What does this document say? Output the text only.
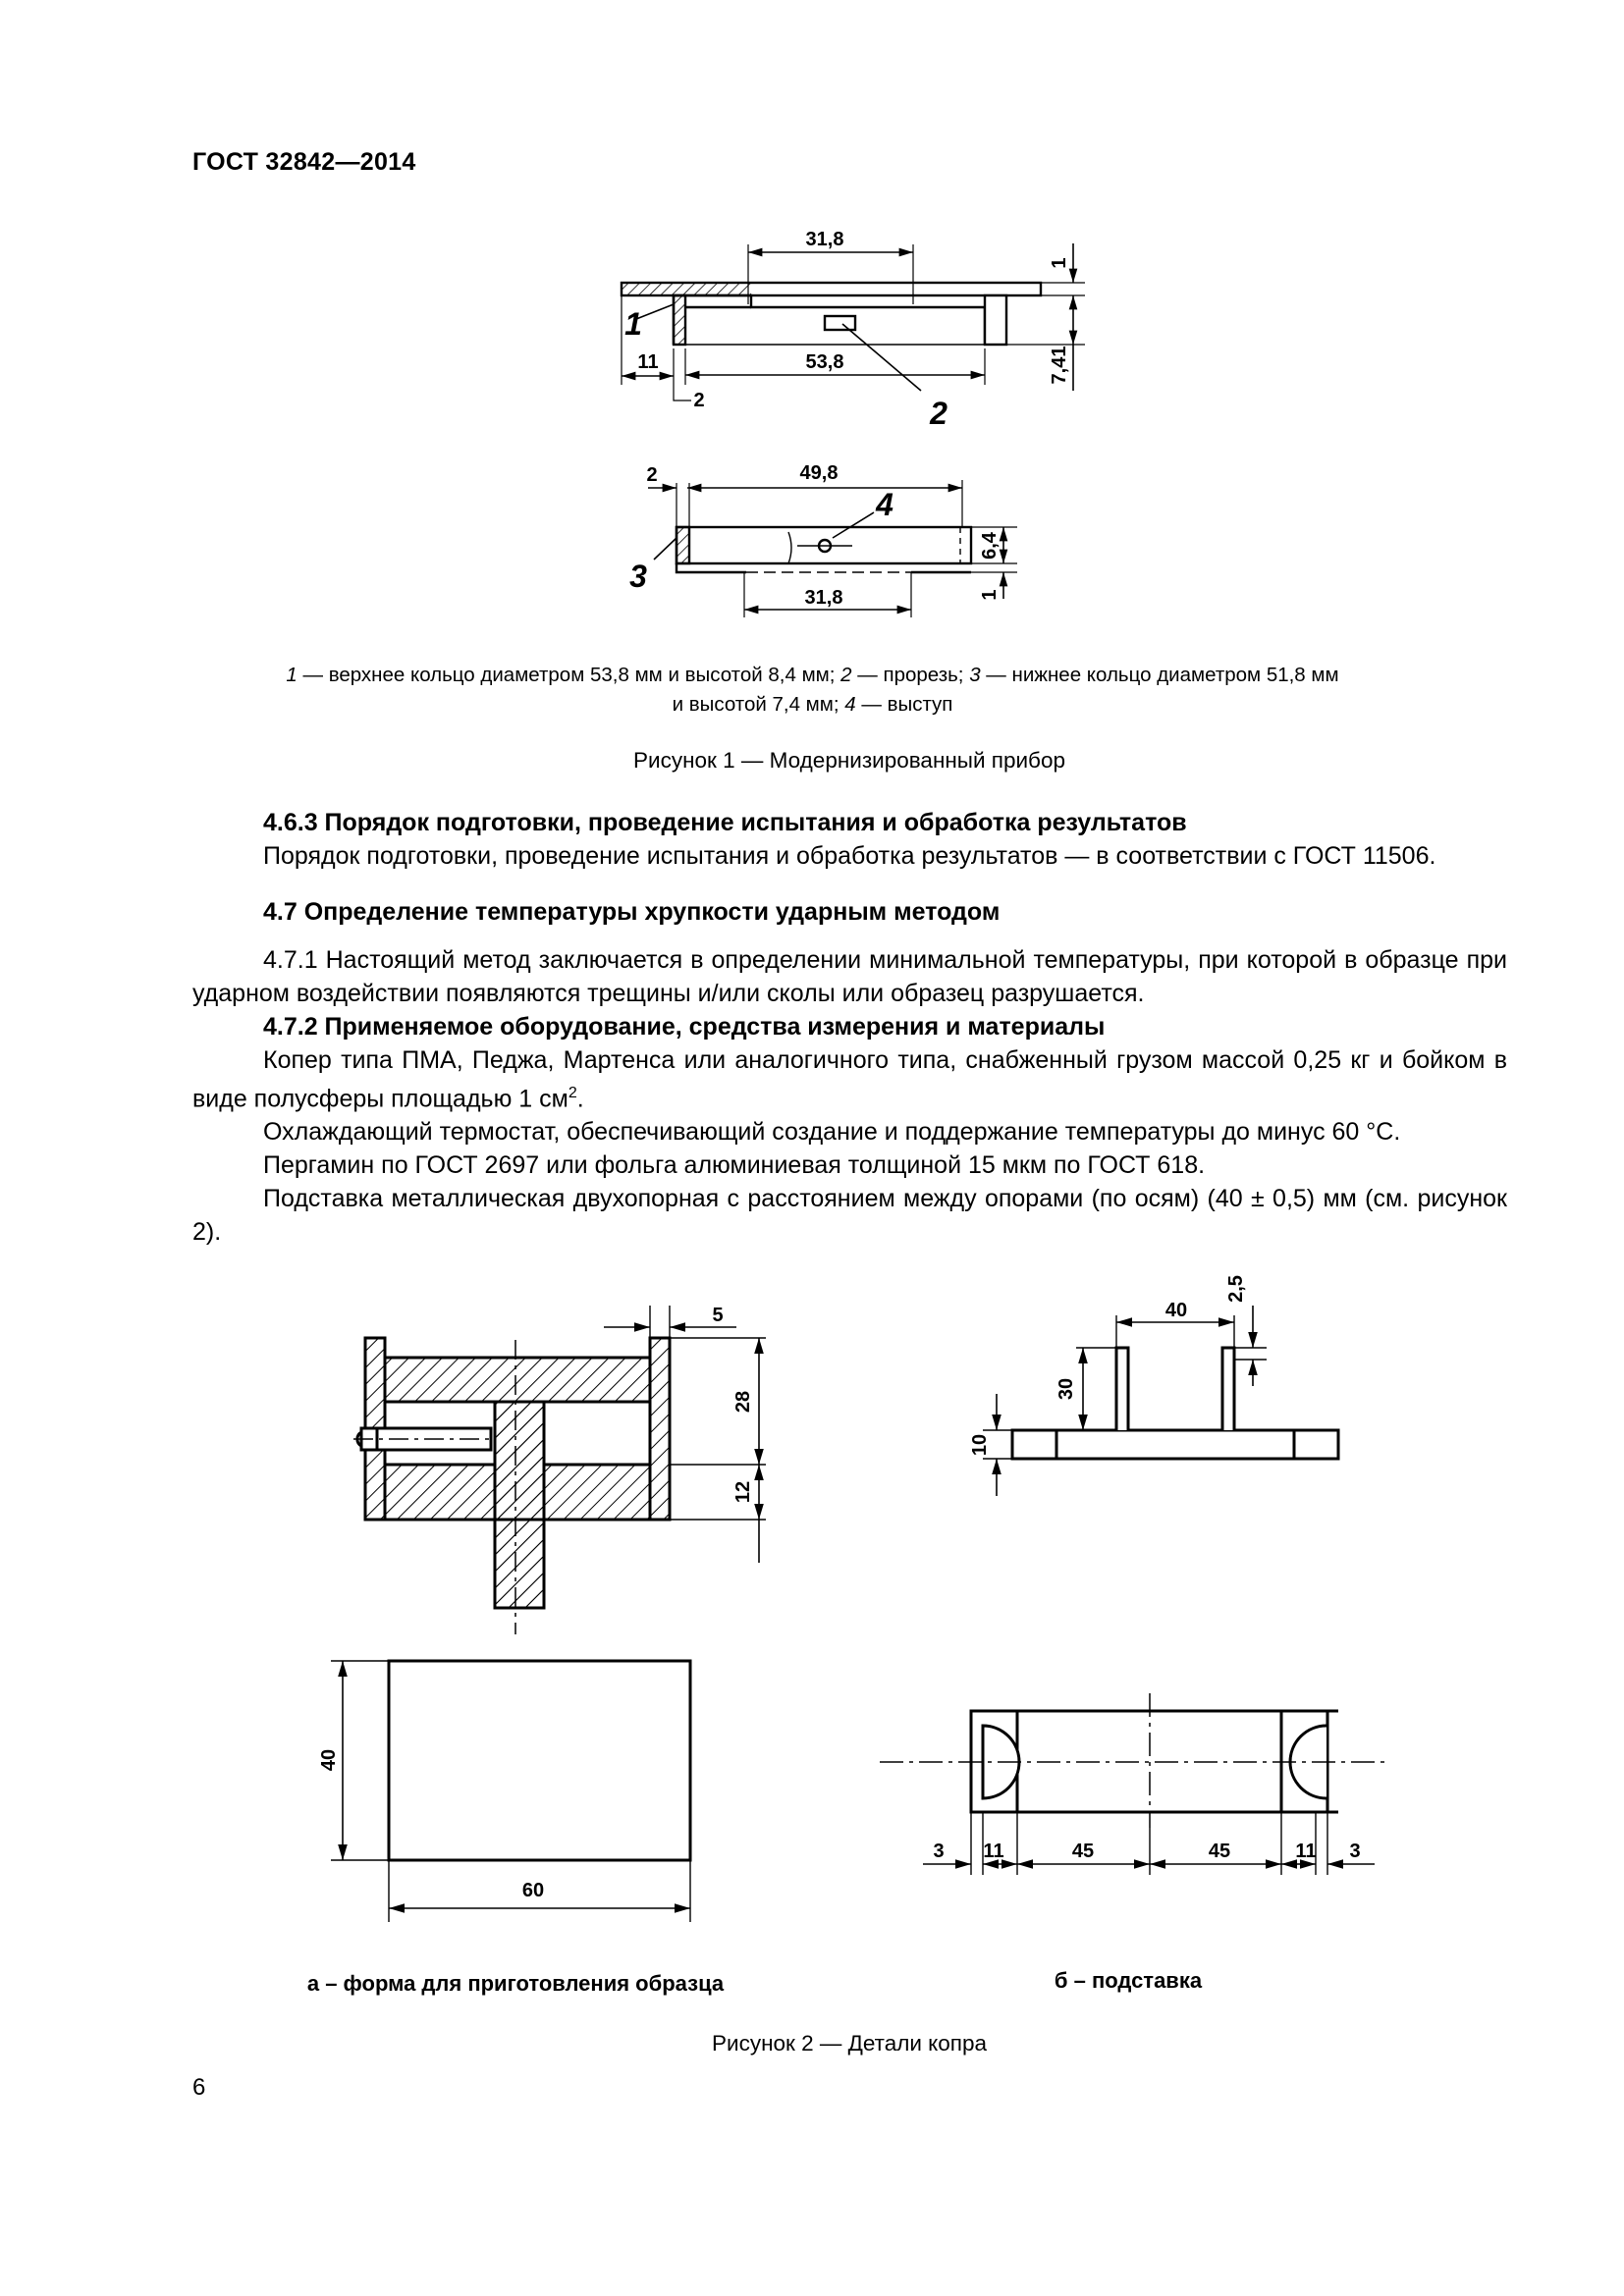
ГОСТ 32842—2014
31,8
53,8
11
2
1
7,41
2	49,8
6,4
31,8	1
1
2
3
4
1 — верхнее кольцо диаметром 53,8 мм и высотой 8,4 мм; 2 — прорезь; 3 — нижнее кольцо диаметром 51,8 мм
и высотой 7,4 мм; 4 — выступ
Рисунок 1 — Модернизированный прибор
4.6.3 Порядок подготовки, проведение испытания и обработка результатов
Порядок подготовки, проведение испытания и обработка результатов — в соответствии с ГОСТ 11506.
4.7 Определение температуры хрупкости ударным методом
4.7.1 Настоящий метод заключается в определении минимальной температуры, при которой в образце при ударном воздействии появляются трещины и/или сколы или образец разрушается.
4.7.2 Применяемое оборудование, средства измерения и материалы
Копер типа ПМА, Педжа, Мартенса или аналогичного типа, снабженный грузом массой 0,25 кг и бойком в виде полусферы площадью 1 $см^2$.
Охлаждающий термостат, обеспечивающий создание и поддержание температуры до минус 60 °С.
Пергамин по ГОСТ 2697 или фольга алюминиевая толщиной 15 мкм по ГОСТ 618.
Подставка металлическая двухопорная с расстоянием между опорами (по осям) (40 ± 0,5) мм (см. рисунок 2).
5
28
12
40
60
40
2,5
30
10
3 11	45	45	11 3
а – форма для приготовления образца	б – подставка
Рисунок 2 — Детали копра
6
